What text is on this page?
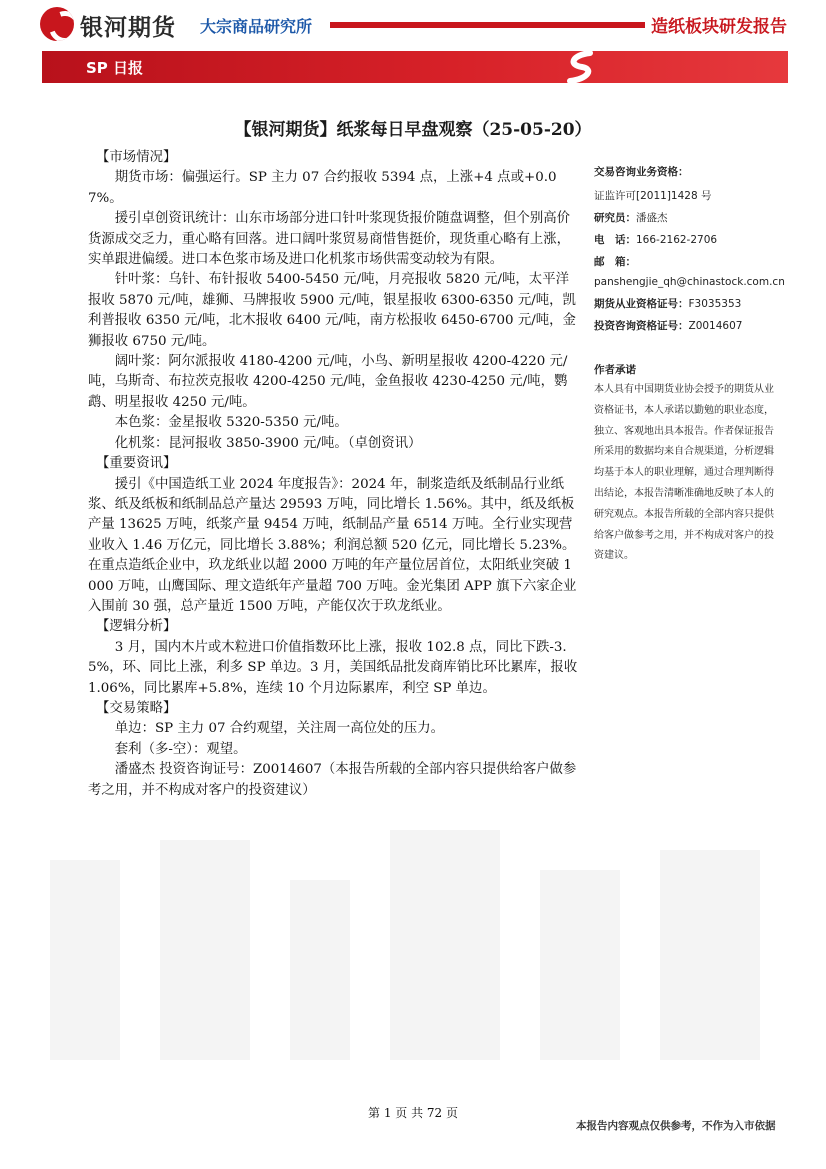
银河期货 大宗商品研究所	造纸板块研发报告
SP 日报
【银河期货】纸浆每日早盘观察（25-05-20）

【市场情况】

期货市场：偏强运行。SP 主力 07 合约报收 5394 点，上涨+4 点或+0.07%。

援引卓创资讯统计：山东市场部分进口针叶浆现货报价随盘调整，但个别高价货源成交乏力，重心略有回落。进口阔叶浆贸易商惜售挺价，现货重心略有上涨，实单跟进偏缓。进口本色浆市场及进口化机浆市场供需变动较为有限。

针叶浆：乌针、布针报收 5400-5450 元/吨，月亮报收 5820 元/吨，太平洋报收 5870 元/吨，雄狮、马牌报收 5900 元/吨，银星报收 6300-6350 元/吨，凯利普报收 6350 元/吨，北木报收 6400 元/吨，南方松报收 6450-6700 元/吨，金狮报收 6750 元/吨。

阔叶浆：阿尔派报收 4180-4200 元/吨，小鸟、新明星报收 4200-4220 元/吨，乌斯奇、布拉茨克报收 4200-4250 元/吨，金鱼报收 4230-4250 元/吨，鹦鹉、明星报收 4250 元/吨。

本色浆：金星报收 5320-5350 元/吨。

化机浆：昆河报收 3850-3900 元/吨。（卓创资讯）

【重要资讯】

援引《中国造纸工业 2024 年度报告》：2024 年，制浆造纸及纸制品行业纸浆、纸及纸板和纸制品总产量达 29593 万吨，同比增长 1.56%。其中，纸及纸板产量 13625 万吨，纸浆产量 9454 万吨，纸制品产量 6514 万吨。全行业实现营业收入 1.46 万亿元，同比增长 3.88%；利润总额 520 亿元，同比增长 5.23%。在重点造纸企业中，玖龙纸业以超 2000 万吨的年产量位居首位，太阳纸业突破 1000 万吨，山鹰国际、理文造纸年产量超 700 万吨。金光集团 APP 旗下六家企业入围前 30 强，总产量近 1500 万吨，产能仅次于玖龙纸业。

【逻辑分析】

3 月，国内木片或木粒进口价值指数环比上涨，报收 102.8 点，同比下跌-3.5%，环、同比上涨，利多 SP 单边。3 月，美国纸品批发商库销比环比累库，报收 1.06%，同比累库+5.8%，连续 10 个月边际累库，利空 SP 单边。

【交易策略】

单边：SP 主力 07 合约观望，关注周一高位处的压力。

套利（多-空）：观望。

潘盛杰 投资咨询证号：Z0014607（本报告所载的全部内容只提供给客户做参考之用，并不构成对客户的投资建议）

交易咨询业务资格：
证监许可[2011]1428 号
研究员：潘盛杰
电　话：166-2162-2706
邮　箱：
panshengjie_qh@chinastock.com.cn
期货从业资格证号：F3035353
投资咨询资格证号：Z0014607
作者承诺

本人具有中国期货业协会授予的期货从业资格证书，本人承诺以勤勉的职业态度，独立、客观地出具本报告。作者保证报告所采用的数据均来自合规渠道，分析逻辑均基于本人的职业理解，通过合理判断得出结论，本报告清晰准确地反映了本人的研究观点。本报告所载的全部内容只提供给客户做参考之用，并不构成对客户的投资建议。

第 1 页 共 72 页
本报告内容观点仅供参考，不作为入市依据
